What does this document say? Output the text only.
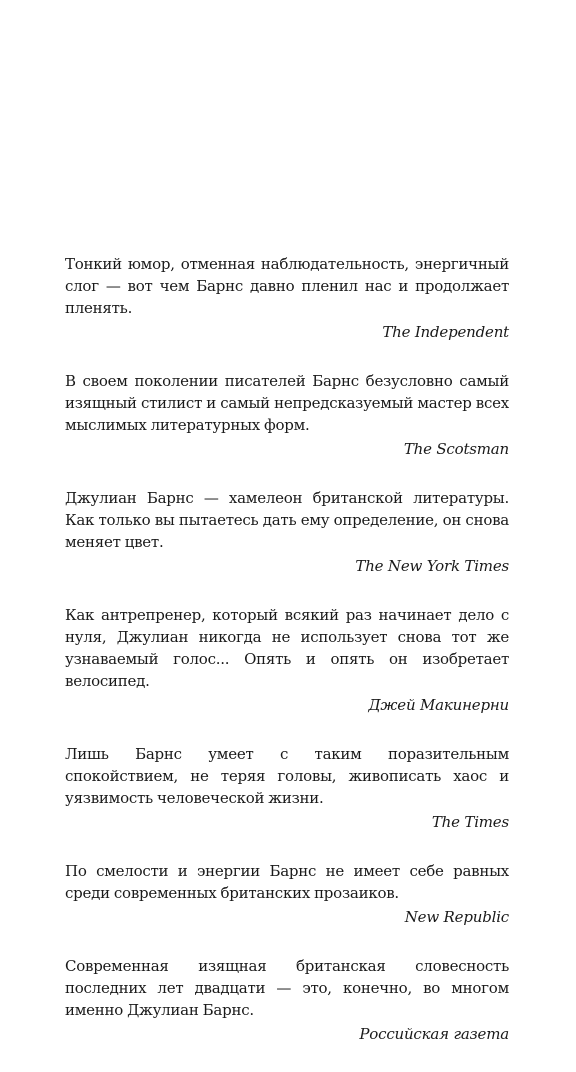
Тонкий юмор, отменная наблюдательность, энергичный слог — вот чем Барнс давно пленил нас и продолжает пленять.

The Independent

В своем поколении писателей Барнс безусловно самый изящный стилист и самый непредсказуемый мастер всех мыслимых литературных форм.

The Scotsman

Джулиан Барнс — хамелеон британской литературы. Как только вы пытаетесь дать ему определение, он снова меняет цвет.

The New York Times

Как антрепренер, который всякий раз начинает дело с нуля, Джулиан никогда не использует снова тот же узнаваемый голос... Опять и опять он изобретает велосипед.

Джей Макинерни

Лишь Барнс умеет с таким поразительным спокойствием, не теряя головы, живописать хаос и уязвимость человеческой жизни.

The Times

По смелости и энергии Барнс не имеет себе равных среди современных британских прозаиков.

New Republic

Современная изящная британская словесность последних лет двадцати — это, конечно, во многом именно Джулиан Барнс.

Российская газета
